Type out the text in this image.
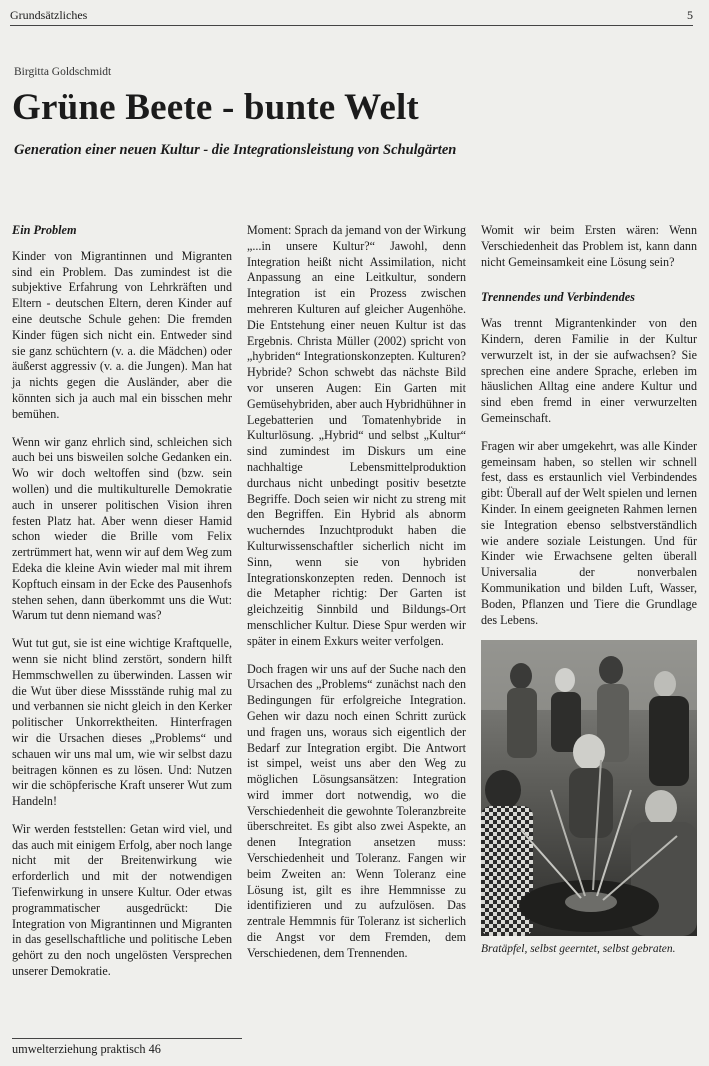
Grundsätzliches	5
Birgitta Goldschmidt
Grüne Beete - bunte Welt
Generation einer neuen Kultur - die Integrationsleistung von Schulgärten
Ein Problem

Kinder von Migrantinnen und Migranten sind ein Problem. Das zumindest ist die subjektive Erfahrung von Lehrkräften und Eltern - deutschen Eltern, deren Kinder auf eine deutsche Schule gehen: Die fremden Kinder fügen sich nicht ein. Entweder sind sie ganz schüchtern (v. a. die Mädchen) oder äußerst aggressiv (v. a. die Jungen). Man hat ja nichts gegen die Ausländer, aber die könnten sich ja auch mal ein bisschen mehr bemühen.

Wenn wir ganz ehrlich sind, schleichen sich auch bei uns bisweilen solche Gedanken ein. Wo wir doch weltoffen sind (bzw. sein wollen) und die multikulturelle Demokratie auch in unserer politischen Vision ihren festen Platz hat. Aber wenn dieser Hamid schon wieder die Brille vom Felix zertrümmert hat, wenn wir auf dem Weg zum Edeka die kleine Avin wieder mal mit ihrem Kopftuch einsam in der Ecke des Pausenhofs stehen sehen, dann überkommt uns die Wut: Warum tut denn niemand was?

Wut tut gut, sie ist eine wichtige Kraftquelle, wenn sie nicht blind zerstört, sondern hilft Hemmschwellen zu überwinden. Lassen wir die Wut über diese Missstände ruhig mal zu und verbannen sie nicht gleich in den Kerker politischer Unkorrektheiten. Hinterfragen wir die Ursachen dieses „Problems“ und schauen wir uns mal um, wie wir selbst dazu beitragen können es zu lösen. Und: Nutzen wir die schöpferische Kraft unserer Wut zum Handeln!

Wir werden feststellen: Getan wird viel, und das auch mit einigem Erfolg, aber noch lange nicht mit der Breitenwirkung wie erforderlich und mit der notwendigen Tiefenwirkung in unsere Kultur. Oder etwas programmatischer ausgedrückt: Die Integration von Migrantinnen und Migranten in das gesellschaftliche und politische Leben gehört zu den noch ungelösten Versprechen unserer Demokratie.

Moment: Sprach da jemand von der Wirkung „...in unsere Kultur?“ Jawohl, denn Integration heißt nicht Assimilation, nicht Anpassung an eine Leitkultur, sondern Integration ist ein Prozess zwischen mehreren Kulturen auf gleicher Augenhöhe. Die Entstehung einer neuen Kultur ist das Ergebnis. Christa Müller (2002) spricht von „hybriden“ Integrationskonzepten. Kulturen? Hybride? Schon schwebt das nächste Bild vor unseren Augen: Ein Garten mit Gemüsehybriden, aber auch Hybridhühner in Legebatterien und Tomatenhybride in Kulturlösung. „Hybrid“ und selbst „Kultur“ sind zumindest im Diskurs um eine nachhaltige Lebensmittelproduktion durchaus nicht unbedingt positiv besetzte Begriffe. Doch seien wir nicht zu streng mit den Begriffen. Ein Hybrid als abnorm wucherndes Inzuchtprodukt haben die Kulturwissenschaftler sicherlich nicht im Sinn, wenn sie von hybriden Integrationskonzepten reden. Dennoch ist die Metapher richtig: Der Garten ist gleichzeitig Sinnbild und Bildungs-Ort menschlicher Kultur. Diese Spur werden wir später in einem Exkurs weiter verfolgen.

Doch fragen wir uns auf der Suche nach den Ursachen des „Problems“ zunächst nach den Bedingungen für erfolgreiche Integration. Gehen wir dazu noch einen Schritt zurück und fragen uns, woraus sich eigentlich der Bedarf zur Integration ergibt. Die Antwort ist simpel, weist uns aber den Weg zu möglichen Lösungsansätzen: Integration wird immer dort notwendig, wo die Verschiedenheit die gewohnte Toleranzbreite überschreitet. Es gibt also zwei Aspekte, an denen Integration ansetzen muss: Verschiedenheit und Toleranz. Fangen wir beim Zweiten an: Wenn Toleranz eine Lösung ist, gilt es ihre Hemmnisse zu identifizieren und zu aufzulösen. Das zentrale Hemmnis für Toleranz ist sicherlich die Angst vor dem Fremden, dem Verschiedenen, dem Trennenden.

Womit wir beim Ersten wären: Wenn Verschiedenheit das Problem ist, kann dann nicht Gemeinsamkeit eine Lösung sein?

Trennendes und Verbindendes

Was trennt Migrantenkinder von den Kindern, deren Familie in der Kultur verwurzelt ist, in der sie aufwachsen? Sie sprechen eine andere Sprache, erleben im häuslichen Alltag eine andere Kultur und sind eben fremd in einer verwurzelten Gemeinschaft.

Fragen wir aber umgekehrt, was alle Kinder gemeinsam haben, so stellen wir schnell fest, dass es erstaunlich viel Verbindendes gibt: Überall auf der Welt spielen und lernen Kinder. In einem geeigneten Rahmen lernen sie Integration ebenso selbstverständlich wie andere soziale Leistungen. Und für Kinder wie Erwachsene gelten überall Universalia der nonverbalen Kommunikation und bilden Luft, Wasser, Boden, Pflanzen und Tiere die Grundlage des Lebens.

Bratäpfel, selbst geerntet, selbst gebraten.

umwelterziehung praktisch 46
